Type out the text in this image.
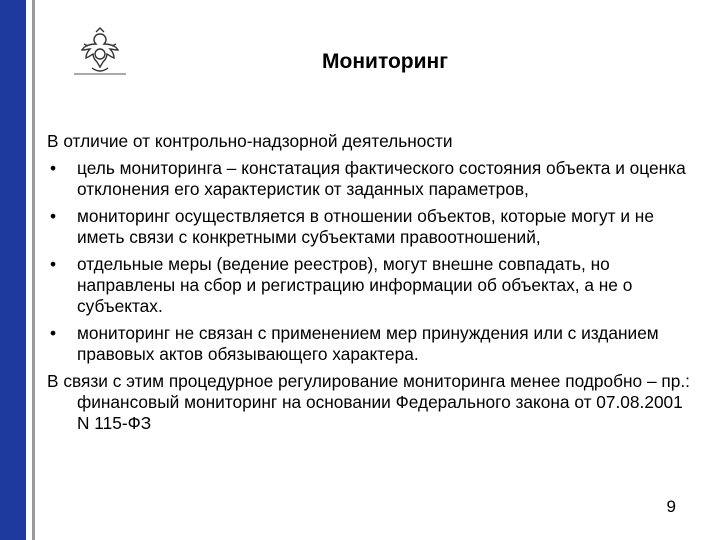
Мониторинг

В отличие от контрольно-надзорной деятельности

• цель мониторинга – констатация фактического состояния объекта и оценка отклонения его характеристик от заданных параметров,
• мониторинг осуществляется в отношении объектов, которые могут и не иметь связи с конкретными субъектами правоотношений,
• отдельные меры (ведение реестров), могут внешне совпадать, но направлены на сбор и регистрацию информации об объектах, а не о субъектах.
• мониторинг не связан с применением мер принуждения или с изданием правовых актов обязывающего характера.

В связи с этим процедурное регулирование мониторинга менее подробно – пр.: финансовый мониторинг на основании Федерального закона от 07.08.2001 N 115-ФЗ

9
